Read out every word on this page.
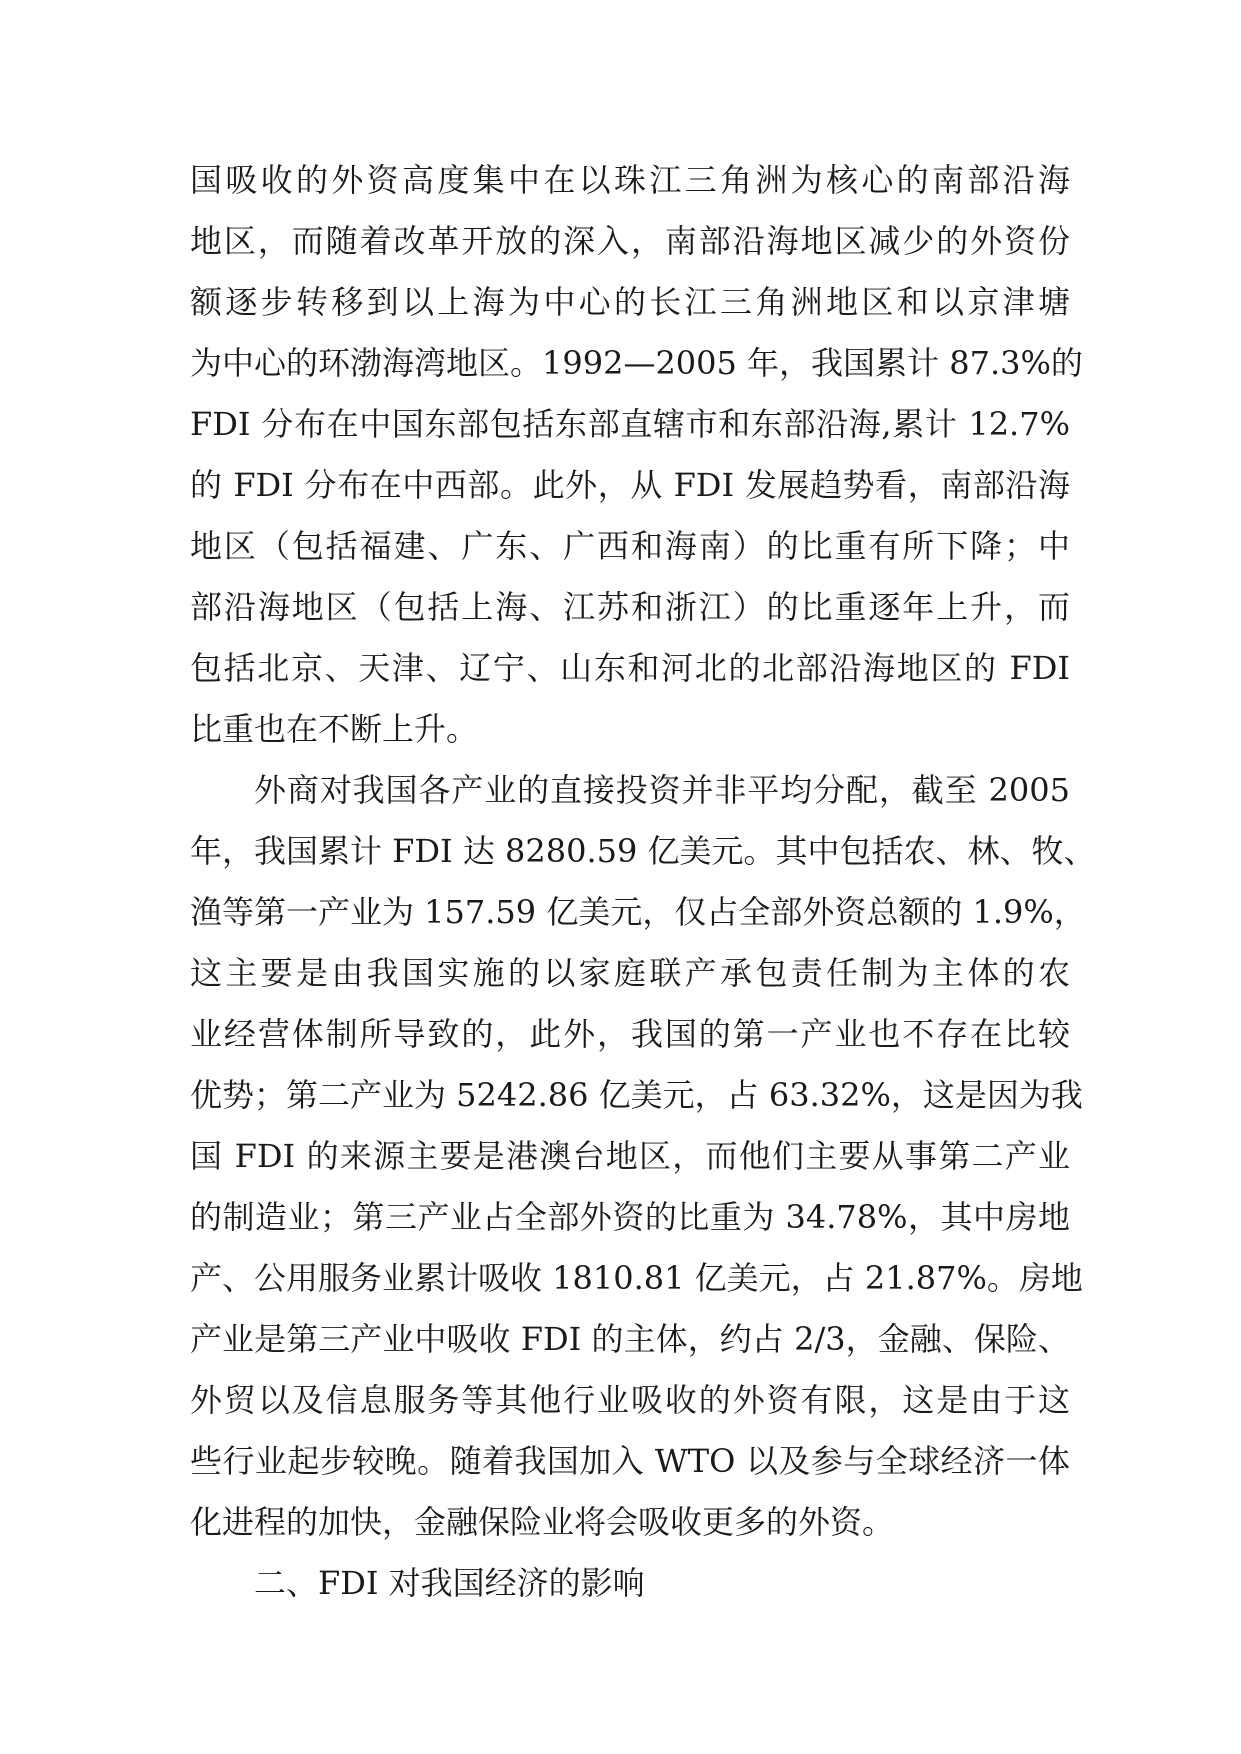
国吸收的外资高度集中在以珠江三角洲为核心的南部沿海
地区，而随着改革开放的深入，南部沿海地区减少的外资份
额逐步转移到以上海为中心的长江三角洲地区和以京津塘
为中心的环渤海湾地区。1992—2005 年，我国累计 87.3%的
FDI 分布在中国东部包括东部直辖市和东部沿海,累计 12.7%
的 FDI 分布在中西部。此外，从 FDI 发展趋势看，南部沿海
地区（包括福建、广东、广西和海南）的比重有所下降；中
部沿海地区（包括上海、江苏和浙江）的比重逐年上升，而
包括北京、天津、辽宁、山东和河北的北部沿海地区的 FDI
比重也在不断上升。

外商对我国各产业的直接投资并非平均分配，截至 2005
年，我国累计 FDI 达 8280.59 亿美元。其中包括农、林、牧、
渔等第一产业为 157.59 亿美元，仅占全部外资总额的 1.9%，
这主要是由我国实施的以家庭联产承包责任制为主体的农
业经营体制所导致的，此外，我国的第一产业也不存在比较
优势；第二产业为 5242.86 亿美元，占 63.32%，这是因为我
国 FDI 的来源主要是港澳台地区，而他们主要从事第二产业
的制造业；第三产业占全部外资的比重为 34.78%，其中房地
产、公用服务业累计吸收 1810.81 亿美元，占 21.87%。房地
产业是第三产业中吸收 FDI 的主体，约占 2/3，金融、保险、
外贸以及信息服务等其他行业吸收的外资有限，这是由于这
些行业起步较晚。随着我国加入 WTO 以及参与全球经济一体
化进程的加快，金融保险业将会吸收更多的外资。

二、FDI 对我国经济的影响
